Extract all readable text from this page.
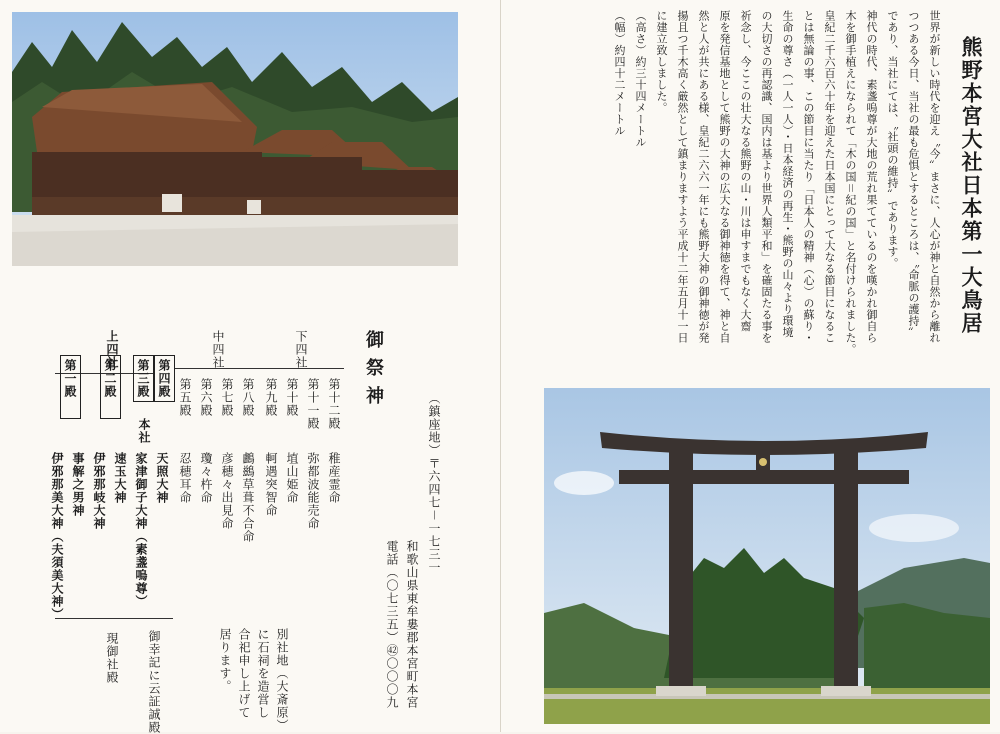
御祭神
下四社
中四社
上四社
本社
第十二殿
第十一殿
第十殿
第九殿
第八殿
第七殿
第六殿
第五殿
第四殿
第三殿
第二殿
第一殿
稚産霊命
弥都波能売命
埴山姫命
軻遇突智命
鸕鷀草葺不合命
彦穂々出見命
瓊々杵命
忍穂耳命
天照大神
家津御子大神（素盞嗚尊）
速玉大神
伊邪那岐大神
事解之男神
伊邪那美大神（夫須美大神）
御幸記に云証誠殿
現御社殿	別社地（大斎原）
に石祠を造営し
合祀申し上げて
居ります。
（鎮座地）〒六四七－一七三一
和歌山県東牟婁郡本宮町本宮
電話（〇七三五）㊷〇〇〇九
熊野本宮大社日本第一大鳥居
世界が新しい時代を迎え〝今〟まさに、人心が神と自然から離れ
つつある今日、当社の最も危惧とするところは、〝命脈の護持〟
であり、当社にては、〝社頭の維持〟であります。
神代の時代、素盞嗚尊が大地の荒れ果てているのを嘆かれ御自ら
木を御手植えになられて「木の国＝紀の国」と名付けられました。
皇紀二千六百六十年を迎えた日本国にとって大なる節目になるこ
とは無論の事、この節目に当たり「日本人の精神（心）の蘇り・
生命の尊さ（一人一人）・日本経済の再生・熊野の山々より環境
の大切さの再認識、国内は基より世界人類平和」を確固たる事を
祈念し、今ここの壮大なる熊野の山・川は申すまでもなく大齋
原を発信基地として熊野の大神の広大なる御神徳を得て、神と自
然と人が共にある様、皇紀二六六一年にも熊野大神の御神徳が発
揚且つ千木高く厳然として鎮まりますよう平成十二年五月十一日
に建立致しました。
（高さ）約三十四メートル
（幅）約四十二メートル
